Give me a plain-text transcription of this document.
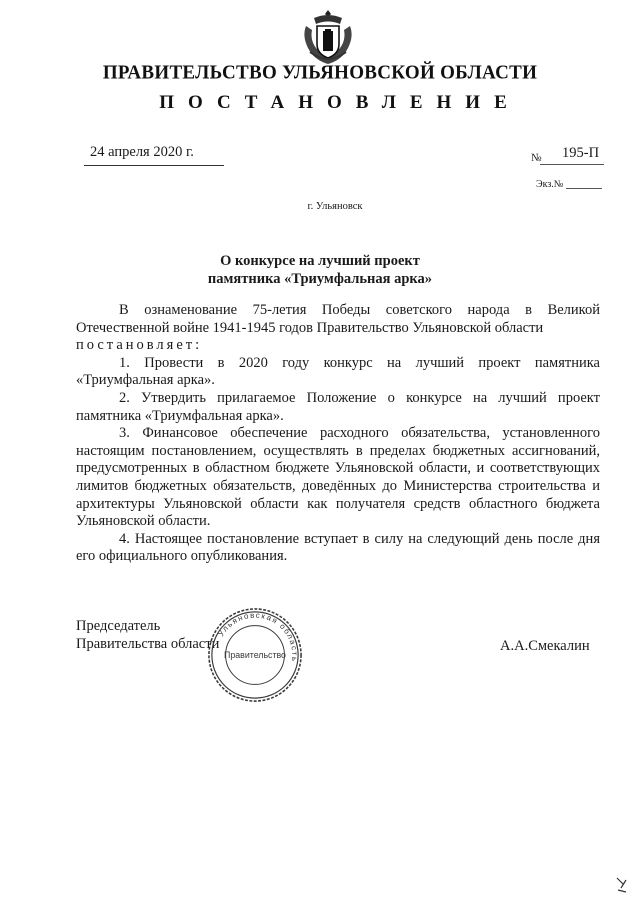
ПРАВИТЕЛЬСТВО УЛЬЯНОВСКОЙ ОБЛАСТИ
ПОСТАНОВЛЕНИЕ
24 апреля 2020 г.	№ 195-П
Экз.№
г. Ульяновск
О конкурсе на лучший проект
памятника «Триумфальная арка»

В ознаменование 75-летия Победы советского народа в Великой Отечественной войне 1941-1945 годов Правительство Ульяновской области

постановляет:

1. Провести в 2020 году конкурс на лучший проект памятника «Триумфальная арка».

2. Утвердить прилагаемое Положение о конкурсе на лучший проект памятника «Триумфальная арка».

3. Финансовое обеспечение расходного обязательства, установленного настоящим постановлением, осуществлять в пределах бюджетных ассигнований, предусмотренных в областном бюджете Ульяновской области, и соответствующих лимитов бюджетных обязательств, доведённых до Министерства строительства и архитектуры Ульяновской области как получателя средств областного бюджета Ульяновской области.

4. Настоящее постановление вступает в силу на следующий день после дня его официального опубликования.

Председатель
Правительства области	А.А.Смекалин
Ульяновская область
Правительство
